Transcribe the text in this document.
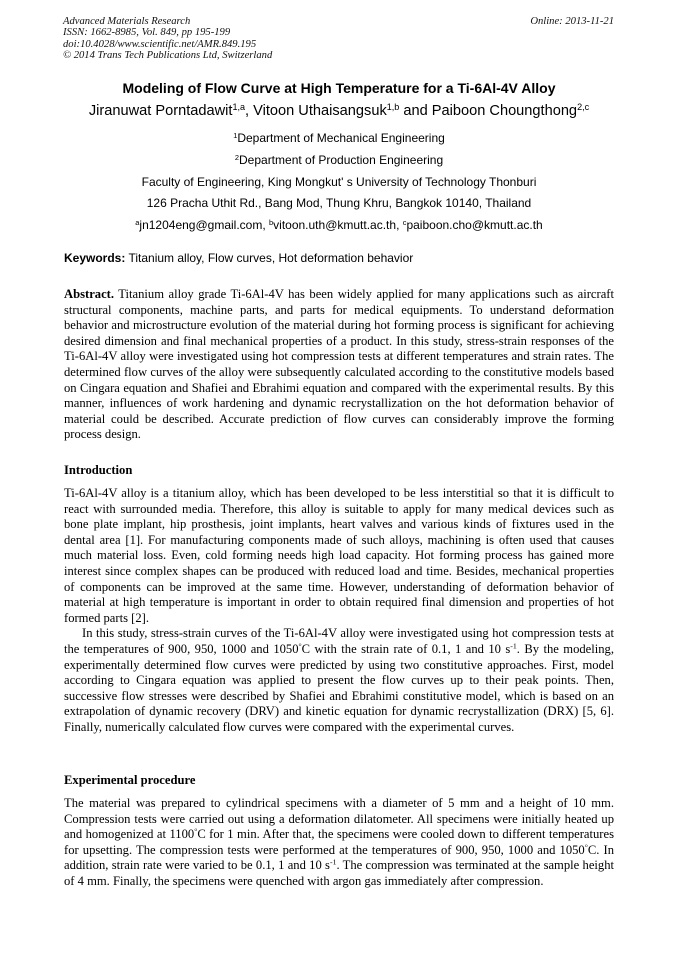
Advanced Materials Research
ISSN: 1662-8985, Vol. 849, pp 195-199
doi:10.4028/www.scientific.net/AMR.849.195
© 2014 Trans Tech Publications Ltd, Switzerland
Online: 2013-11-21
Modeling of Flow Curve at High Temperature for a Ti-6Al-4V Alloy
Jiranuwat Porntadawit$^{1,a}$, Vitoon Uthaisangsuk$^{1,b}$ and Paiboon Choungthong$^{2,c}$
$^1$Department of Mechanical Engineering
$^2$Department of Production Engineering
Faculty of Engineering, King Mongkut' s University of Technology Thonburi
126 Pracha Uthit Rd., Bang Mod, Thung Khru, Bangkok 10140, Thailand
$^a$jn1204eng@gmail.com, $^b$vitoon.uth@kmutt.ac.th, $^c$paiboon.cho@kmutt.ac.th
Keywords: Titanium alloy, Flow curves, Hot deformation behavior
Abstract. Titanium alloy grade Ti-6Al-4V has been widely applied for many applications such as aircraft structural components, machine parts, and parts for medical equipments. To understand deformation behavior and microstructure evolution of the material during hot forming process is significant for achieving desired dimension and final mechanical properties of a product. In this study, stress-strain responses of the Ti-6Al-4V alloy were investigated using hot compression tests at different temperatures and strain rates. The determined flow curves of the alloy were subsequently calculated according to the constitutive models based on Cingara equation and Shafiei and Ebrahimi equation and compared with the experimental results. By this manner, influences of work hardening and dynamic recrystallization on the hot deformation behavior of material could be described. Accurate prediction of flow curves can considerably improve the forming process design.
Introduction

Ti-6Al-4V alloy is a titanium alloy, which has been developed to be less interstitial so that it is difficult to react with surrounded media. Therefore, this alloy is suitable to apply for many medical devices such as bone plate implant, hip prosthesis, joint implants, heart valves and various kinds of fixtures used in the dental area [1]. For manufacturing components made of such alloys, machining is often used that causes much material loss. Even, cold forming needs high load capacity. Hot forming process has gained more interest since complex shapes can be produced with reduced load and time. Besides, mechanical properties of components can be improved at the same time. However, understanding of deformation behavior of material at high temperature is important in order to obtain required final dimension and properties of hot formed parts [2].

In this study, stress-strain curves of the Ti-6Al-4V alloy were investigated using hot compression tests at the temperatures of 900, 950, 1000 and 1050°C with the strain rate of 0.1, 1 and 10 $s^{-1}$. By the modeling, experimentally determined flow curves were predicted by using two constitutive approaches. First, model according to Cingara equation was applied to present the flow curves up to their peak points. Then, successive flow stresses were described by Shafiei and Ebrahimi constitutive model, which is based on an extrapolation of dynamic recovery (DRV) and kinetic equation for dynamic recrystallization (DRX) [5, 6]. Finally, numerically calculated flow curves were compared with the experimental curves.

Experimental procedure

The material was prepared to cylindrical specimens with a diameter of 5 mm and a height of 10 mm. Compression tests were carried out using a deformation dilatometer. All specimens were initially heated up and homogenized at 1100°C for 1 min. After that, the specimens were cooled down to different temperatures for upsetting. The compression tests were performed at the temperatures of 900, 950, 1000 and 1050°C. In addition, strain rate were varied to be 0.1, 1 and 10 $s^{-1}$. The compression was terminated at the sample height of 4 mm. Finally, the specimens were quenched with argon gas immediately after compression.
